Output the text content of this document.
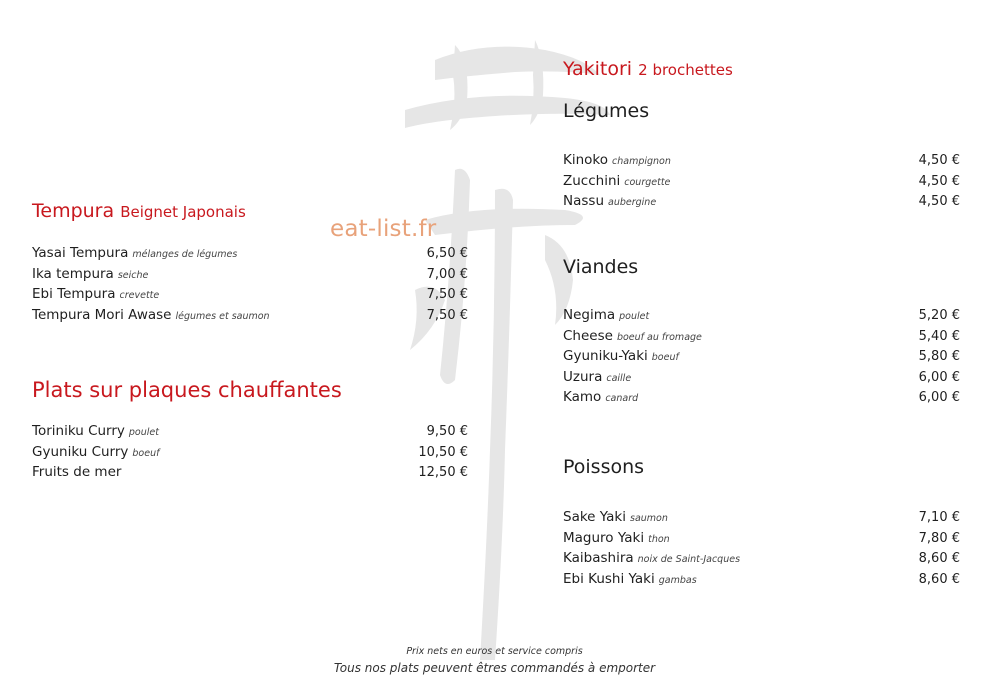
eat-list.fr
Tempura Beignet Japonais
Yasai Tempura mélanges de légumes	6,50 €
Ika tempura seiche	7,00 €
Ebi Tempura crevette	7,50 €
Tempura Mori Awase légumes et saumon	7,50 €
Plats sur plaques chauffantes
Toriniku Curry poulet	9,50 €
Gyuniku Curry boeuf	10,50 €
Fruits de mer	12,50 €
Yakitori 2 brochettes
Légumes
Kinoko champignon	4,50 €
Zucchini courgette	4,50 €
Nassu aubergine	4,50 €
Viandes
Negima poulet	5,20 €
Cheese boeuf au fromage	5,40 €
Gyuniku-Yaki boeuf	5,80 €
Uzura caille	6,00 €
Kamo canard	6,00 €
Poissons
Sake Yaki saumon	7,10 €
Maguro Yaki thon	7,80 €
Kaibashira noix de Saint-Jacques	8,60 €
Ebi Kushi Yaki gambas	8,60 €
Prix nets en euros et service compris
Tous nos plats peuvent êtres commandés à emporter
